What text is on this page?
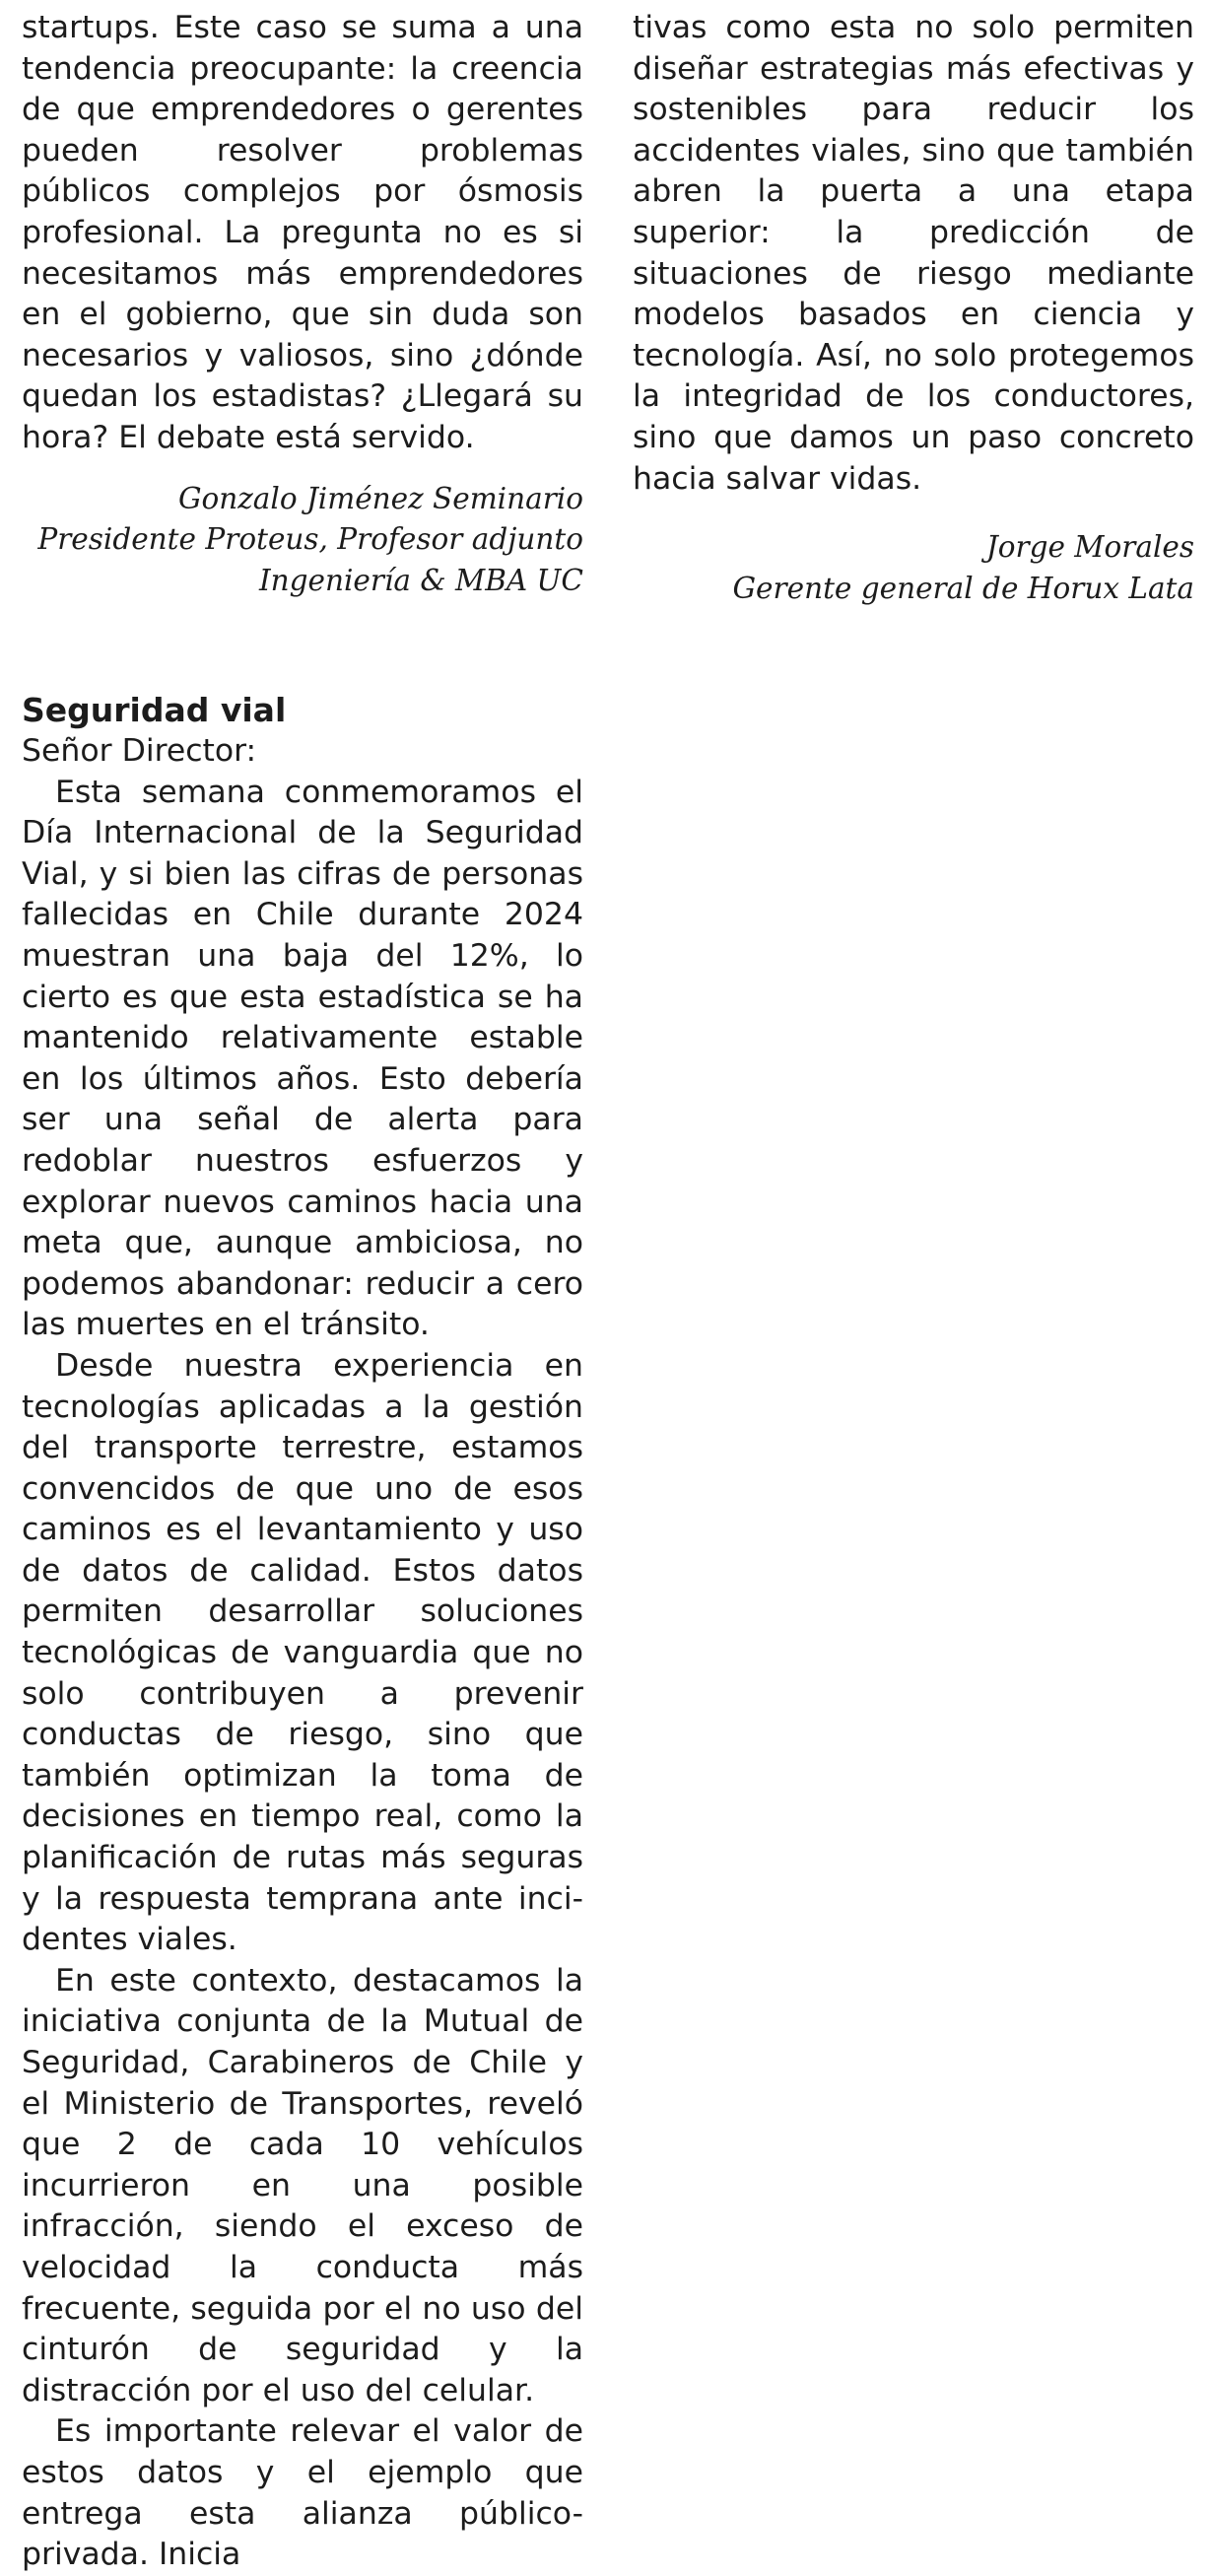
startups. Este caso se suma a una tendencia preocupante: la creencia de que emprendedores o gerentes pueden resolver problemas públicos complejos por ósmosis profesional. La pregunta no es si necesitamos más emprendedores en el gobierno, que sin duda son necesarios y valiosos, sino ¿dónde quedan los estadistas? ¿Llegará su hora? El debate está servido.

Gonzalo Jiménez Seminario

Presidente Proteus, Profesor adjunto

Ingeniería & MBA UC

tivas como esta no solo permiten diseñar estrategias más efectivas y sostenibles para reducir los accidentes viales, sino que también abren la puerta a una etapa superior: la predicción de situaciones de riesgo mediante modelos basados en ciencia y tecnología. Así, no solo protegemos la integridad de los conductores, sino que damos un paso concreto hacia salvar vidas.

Jorge Morales

Gerente general de Horux Lata

Seguridad vial

Señor Director:

Esta semana conmemoramos el Día Internacional de la Seguridad Vial, y si bien las cifras de personas fallecidas en Chile durante 2024 muestran una baja del 12%, lo cierto es que esta estadística se ha mantenido relativamente estable en los últimos años. Esto debería ser una señal de alerta para redoblar nuestros esfuerzos y explorar nuevos caminos hacia una meta que, aunque ambiciosa, no podemos abandonar: reducir a cero las muertes en el tránsito.

Desde nuestra experiencia en tecnologías aplicadas a la gestión del transporte terrestre, estamos convencidos de que uno de esos caminos es el levantamiento y uso de datos de calidad. Estos datos permiten desarrollar soluciones tecnológicas de vanguardia que no solo contribuyen a prevenir conductas de riesgo, sino que también optimizan la toma de decisiones en tiempo real, como la planificación de rutas más seguras y la respuesta temprana ante incidentes viales.

En este contexto, destacamos la iniciativa conjunta de la Mutual de Seguridad, Carabineros de Chile y el Ministerio de Transportes, reveló que 2 de cada 10 vehículos incurrieron en una posible infracción, siendo el exceso de velocidad la conducta más frecuente, seguida por el no uso del cinturón de seguridad y la distracción por el uso del celular.

Es importante relevar el valor de estos datos y el ejemplo que entrega esta alianza público-privada. Inicia
